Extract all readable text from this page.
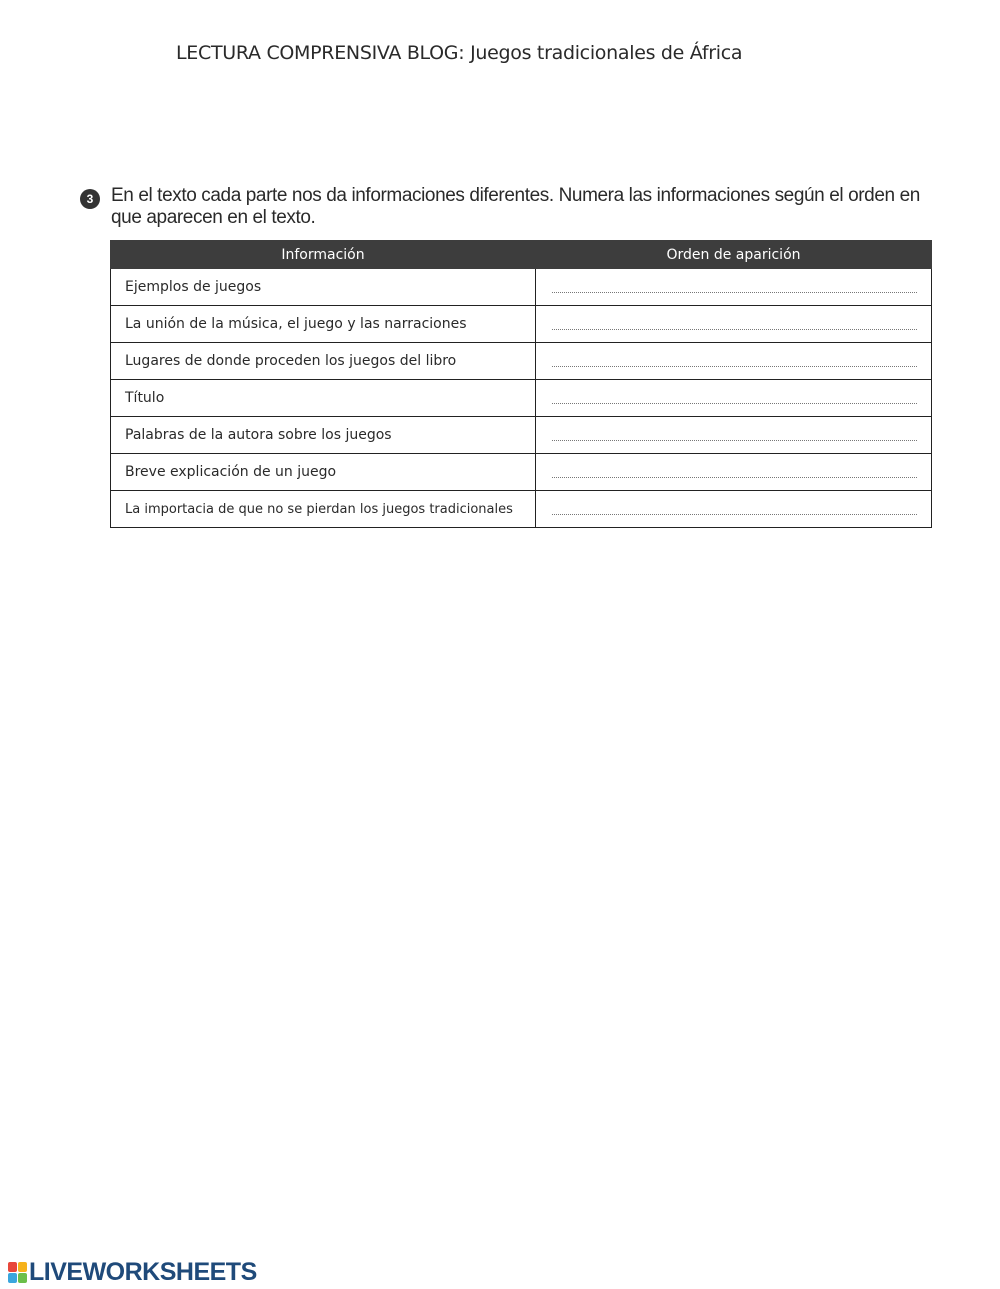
LECTURA COMPRENSIVA BLOG: Juegos tradicionales de África
3 En el texto cada parte nos da informaciones diferentes. Numera las informaciones según el orden en que aparecen en el texto.
Información	Orden de aparición
Ejemplos de juegos	

La unión de la música, el juego y las narraciones	

Lugares de donde proceden los juegos del libro	

Título	

Palabras de la autora sobre los juegos	

Breve explicación de un juego	

La importacia de que no se pierdan los juegos tradicionales	
LIVEWORKSHEETS
